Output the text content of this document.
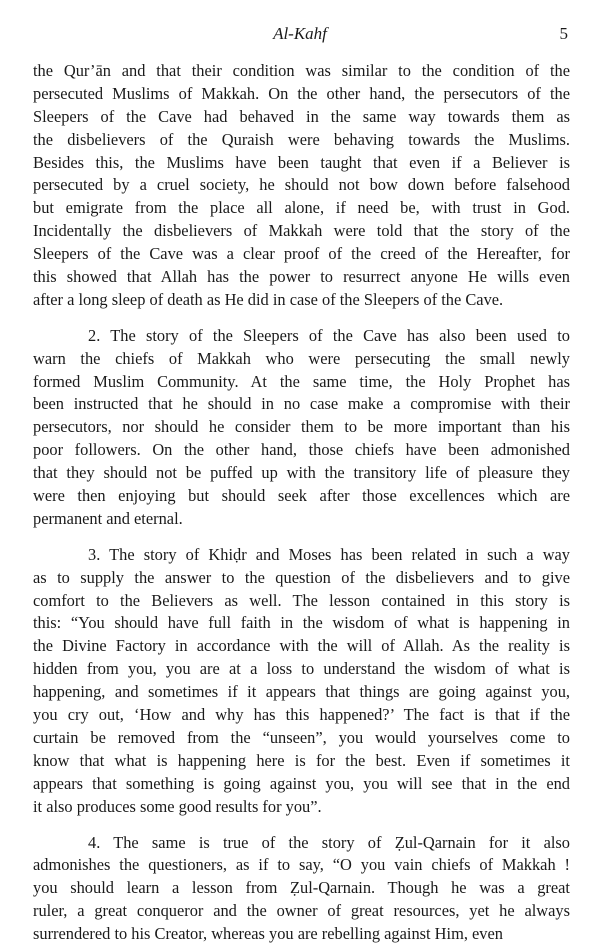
Al-Kahf	5
the Qur’ān and that their condition was similar to the condition of the
persecuted Muslims of Makkah. On the other hand, the persecutors of the
Sleepers of the Cave had behaved in the same way towards them as
the disbelievers of the Quraish were behaving towards the Muslims.
Besides this, the Muslims have been taught that even if a Believer is
persecuted by a cruel society, he should not bow down before falsehood
but emigrate from the place all alone, if need be, with trust in God.
Incidentally the disbelievers of Makkah were told that the story of the
Sleepers of the Cave was a clear proof of the creed of the Hereafter, for
this showed that Allah has the power to resurrect anyone He wills even
after a long sleep of death as He did in case of the Sleepers of the Cave.
2. The story of the Sleepers of the Cave has also been used to
warn the chiefs of Makkah who were persecuting the small newly
formed Muslim Community. At the same time, the Holy Prophet has
been instructed that he should in no case make a compromise with their
persecutors, nor should he consider them to be more important than his
poor followers. On the other hand, those chiefs have been admonished
that they should not be puffed up with the transitory life of pleasure they
were then enjoying but should seek after those excellences which are
permanent and eternal.
3. The story of Khiḍr and Moses has been related in such a way
as to supply the answer to the question of the disbelievers and to give
comfort to the Believers as well. The lesson contained in this story is
this: “You should have full faith in the wisdom of what is happening in
the Divine Factory in accordance with the will of Allah. As the reality is
hidden from you, you are at a loss to understand the wisdom of what is
happening, and sometimes if it appears that things are going against you,
you cry out, ‘How and why has this happened?’ The fact is that if the
curtain be removed from the “unseen”, you would yourselves come to
know that what is happening here is for the best. Even if sometimes it
appears that something is going against you, you will see that in the end
it also produces some good results for you”.
4. The same is true of the story of Ẓul-Qarnain for it also
admonishes the questioners, as if to say, “O you vain chiefs of Makkah !
you should learn a lesson from Ẓul-Qarnain. Though he was a great
ruler, a great conqueror and the owner of great resources, yet he always
surrendered to his Creator, whereas you are rebelling against Him, even
